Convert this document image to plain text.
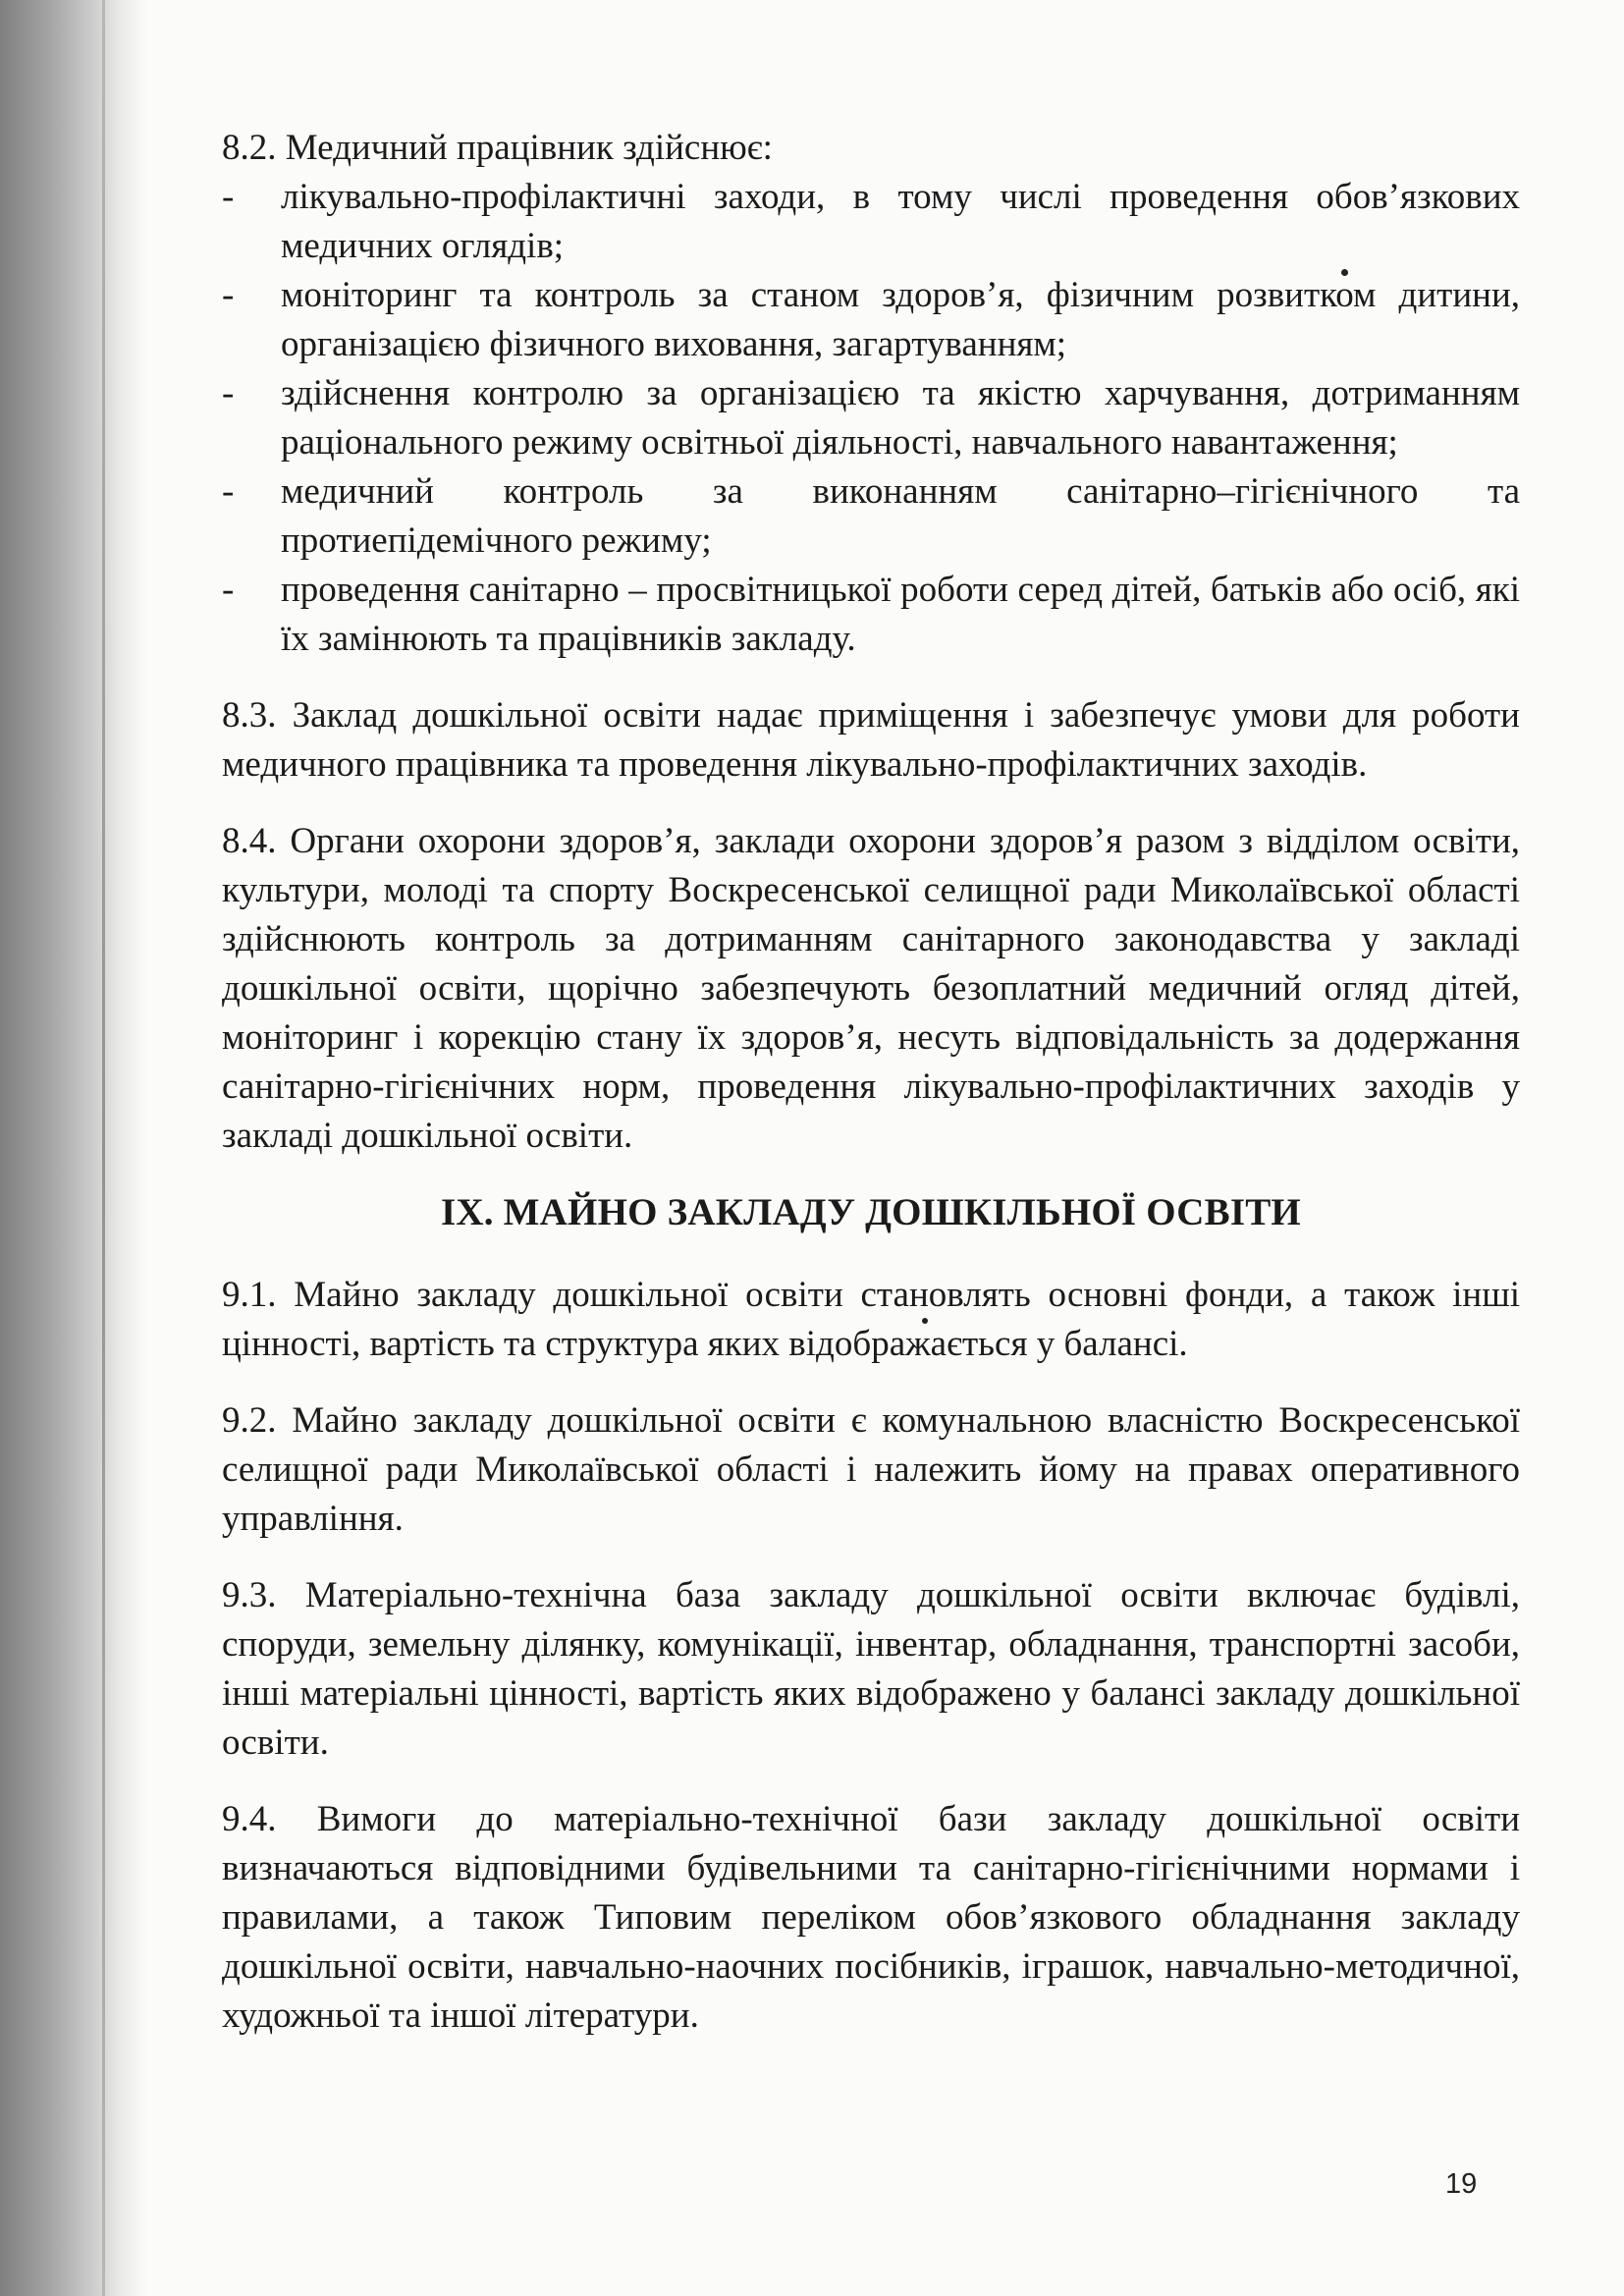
8.2. Медичний працівник здійснює:

-	лікувально-профілактичні заходи, в тому числі проведення обов’язкових медичних оглядів;
-	моніторинг та контроль за станом здоров’я, фізичним розвитком дитини, організацією фізичного виховання, загартуванням;
-	здійснення контролю за організацією та якістю харчування, дотриманням раціонального режиму освітньої діяльності, навчального навантаження;
-	медичний контроль за виконанням санітарно–гігієнічного та протиепідемічного режиму;
-	проведення санітарно – просвітницької роботи серед дітей, батьків або осіб, які їх замінюють та працівників закладу.

8.3. Заклад дошкільної освіти надає приміщення і забезпечує умови для роботи медичного працівника та проведення лікувально-профілактичних заходів.

8.4. Органи охорони здоров’я, заклади охорони здоров’я разом з відділом освіти, культури, молоді та спорту Воскресенської селищної ради Миколаївської області здійснюють контроль за дотриманням санітарного законодавства у закладі дошкільної освіти, щорічно забезпечують безоплатний медичний огляд дітей, моніторинг і корекцію стану їх здоров’я, несуть відповідальність за додержання санітарно-гігієнічних норм, проведення лікувально-профілактичних заходів у закладі дошкільної освіти.

IX. МАЙНО ЗАКЛАДУ ДОШКІЛЬНОЇ ОСВІТИ

9.1. Майно закладу дошкільної освіти становлять основні фонди, а також інші цінності, вартість та структура яких відображається у балансі.

9.2. Майно закладу дошкільної освіти є комунальною власністю Воскресенської селищної ради Миколаївської області і належить йому на правах оперативного управління.

9.3. Матеріально-технічна база закладу дошкільної освіти включає будівлі, споруди, земельну ділянку, комунікації, інвентар, обладнання, транспортні засоби, інші матеріальні цінності, вартість яких відображено у балансі закладу дошкільної освіти.

9.4. Вимоги до матеріально-технічної бази закладу дошкільної освіти визначаються відповідними будівельними та санітарно-гігієнічними нормами і правилами, а також Типовим переліком обов’язкового обладнання закладу дошкільної освіти, навчально-наочних посібників, іграшок, навчально-методичної, художньої та іншої літератури.

19
